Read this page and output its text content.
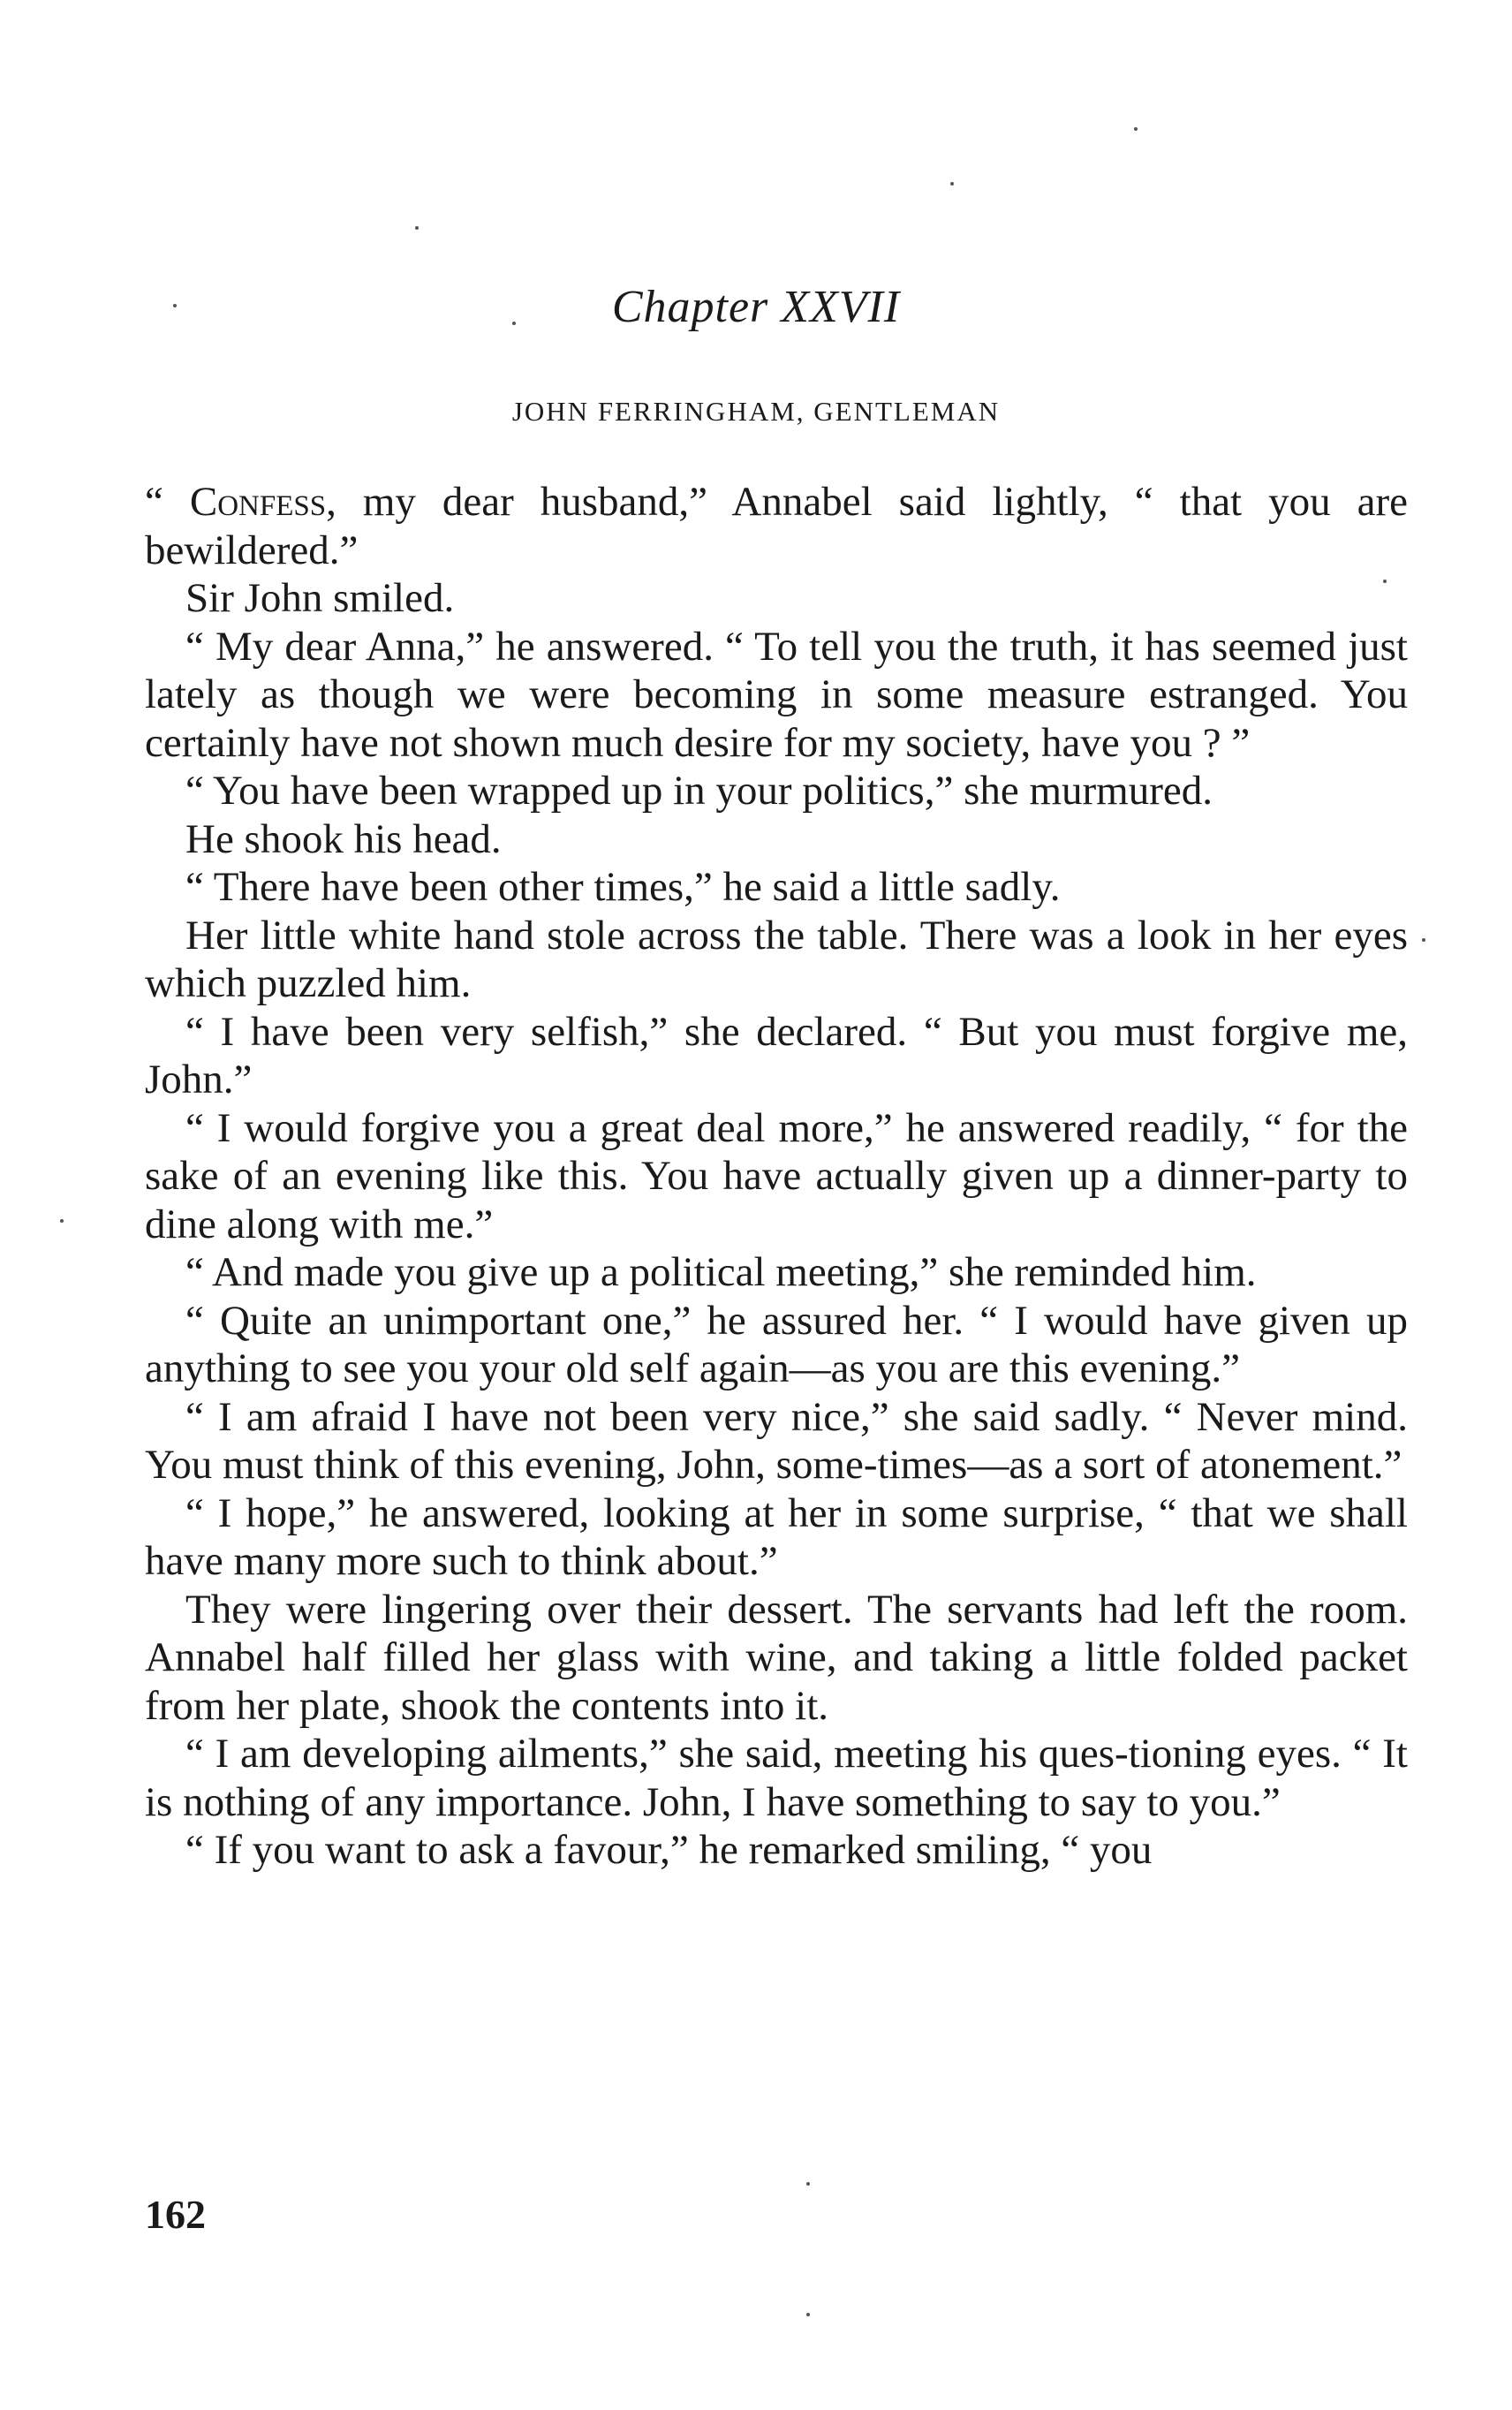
Chapter XXVII
JOHN FERRINGHAM, GENTLEMAN

“ Confess, my dear husband,” Annabel said lightly, “ that you are bewildered.”

Sir John smiled.

“ My dear Anna,” he answered. “ To tell you the truth, it has seemed just lately as though we were becoming in some measure estranged. You certainly have not shown much desire for my society, have you ? ”

“ You have been wrapped up in your politics,” she murmured.

He shook his head.

“ There have been other times,” he said a little sadly.

Her little white hand stole across the table. There was a look in her eyes which puzzled him.

“ I have been very selfish,” she declared. “ But you must forgive me, John.”

“ I would forgive you a great deal more,” he answered readily, “ for the sake of an evening like this. You have actually given up a dinner-party to dine along with me.”

“ And made you give up a political meeting,” she reminded him.

“ Quite an unimportant one,” he assured her. “ I would have given up anything to see you your old self again—as you are this evening.”

“ I am afraid I have not been very nice,” she said sadly. “ Never mind. You must think of this evening, John, some-times—as a sort of atonement.”

“ I hope,” he answered, looking at her in some surprise, “ that we shall have many more such to think about.”

They were lingering over their dessert. The servants had left the room. Annabel half filled her glass with wine, and taking a little folded packet from her plate, shook the contents into it.

“ I am developing ailments,” she said, meeting his ques-tioning eyes. “ It is nothing of any importance. John, I have something to say to you.”

“ If you want to ask a favour,” he remarked smiling, “ you

162
